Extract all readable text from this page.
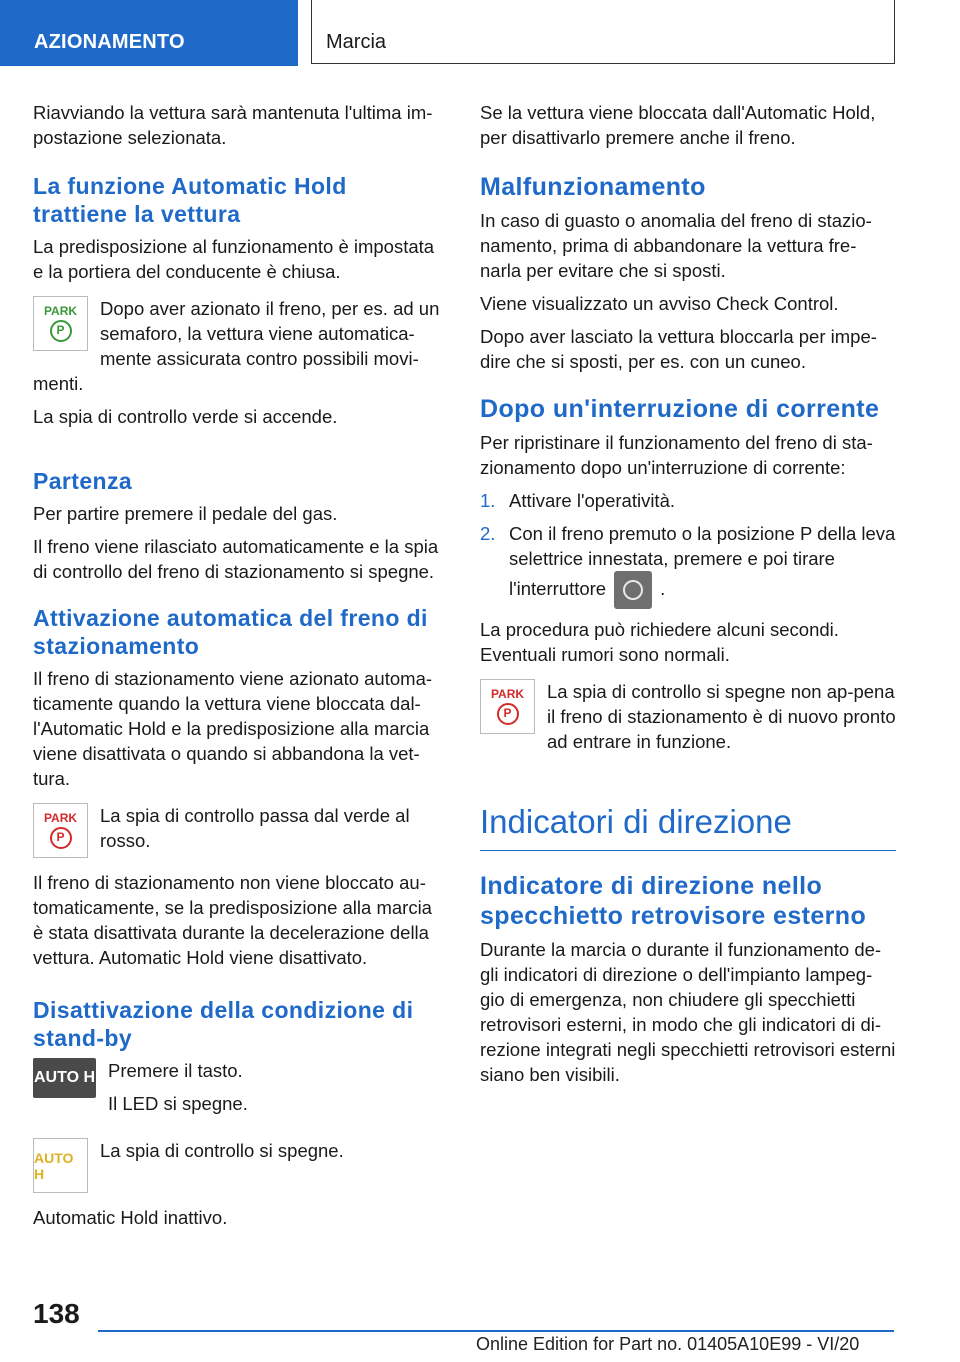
AZIONAMENTO	Marcia

Riavviando la vettura sarà mantenuta l'ultima im-postazione selezionata.

La funzione Automatic Hold trattiene la vettura

La predisposizione al funzionamento è impostata e la portiera del conducente è chiusa.

PARK
P

Dopo aver azionato il freno, per es. ad un semaforo, la vettura viene automatica-mente assicurata contro possibili movi-menti.

La spia di controllo verde si accende.

Partenza

Per partire premere il pedale del gas.

Il freno viene rilasciato automaticamente e la spia di controllo del freno di stazionamento si spegne.

Attivazione automatica del freno di stazionamento

Il freno di stazionamento viene azionato automa-ticamente quando la vettura viene bloccata dal-l'Automatic Hold e la predisposizione alla marcia viene disattivata o quando si abbandona la vet-tura.

PARK
P

La spia di controllo passa dal verde al rosso.

Il freno di stazionamento non viene bloccato au-tomaticamente, se la predisposizione alla marcia è stata disattivata durante la decelerazione della vettura. Automatic Hold viene disattivato.

Disattivazione della condizione di stand-by
AUTO H Premere il tasto.

Il LED si spegne.

AUTO H

La spia di controllo si spegne.

Automatic Hold inattivo.

Se la vettura viene bloccata dall'Automatic Hold, per disattivarlo premere anche il freno.

Malfunzionamento

In caso di guasto o anomalia del freno di stazio-namento, prima di abbandonare la vettura fre-narla per evitare che si sposti.

Viene visualizzato un avviso Check Control.

Dopo aver lasciato la vettura bloccarla per impe-dire che si sposti, per es. con un cuneo.

Dopo un'interruzione di corrente

Per ripristinare il funzionamento del freno di sta-zionamento dopo un'interruzione di corrente:

1. Attivare l'operatività.
2. Con il freno premuto o la posizione P della leva selettrice innestata, premere e poi tirare l'interruttore	.

La procedura può richiedere alcuni secondi.

Eventuali rumori sono normali.

PARK
P

La spia di controllo si spegne non ap-pena il freno di stazionamento è di nuovo pronto ad entrare in funzione.

Indicatori di direzione
Indicatore di direzione nello specchietto retrovisore esterno

Durante la marcia o durante il funzionamento de-gli indicatori di direzione o dell'impianto lampeg-gio di emergenza, non chiudere gli specchietti retrovisori esterni, in modo che gli indicatori di di-rezione integrati negli specchietti retrovisori esterni siano ben visibili.

138
Online Edition for Part no. 01405A10E99 - VI/20
